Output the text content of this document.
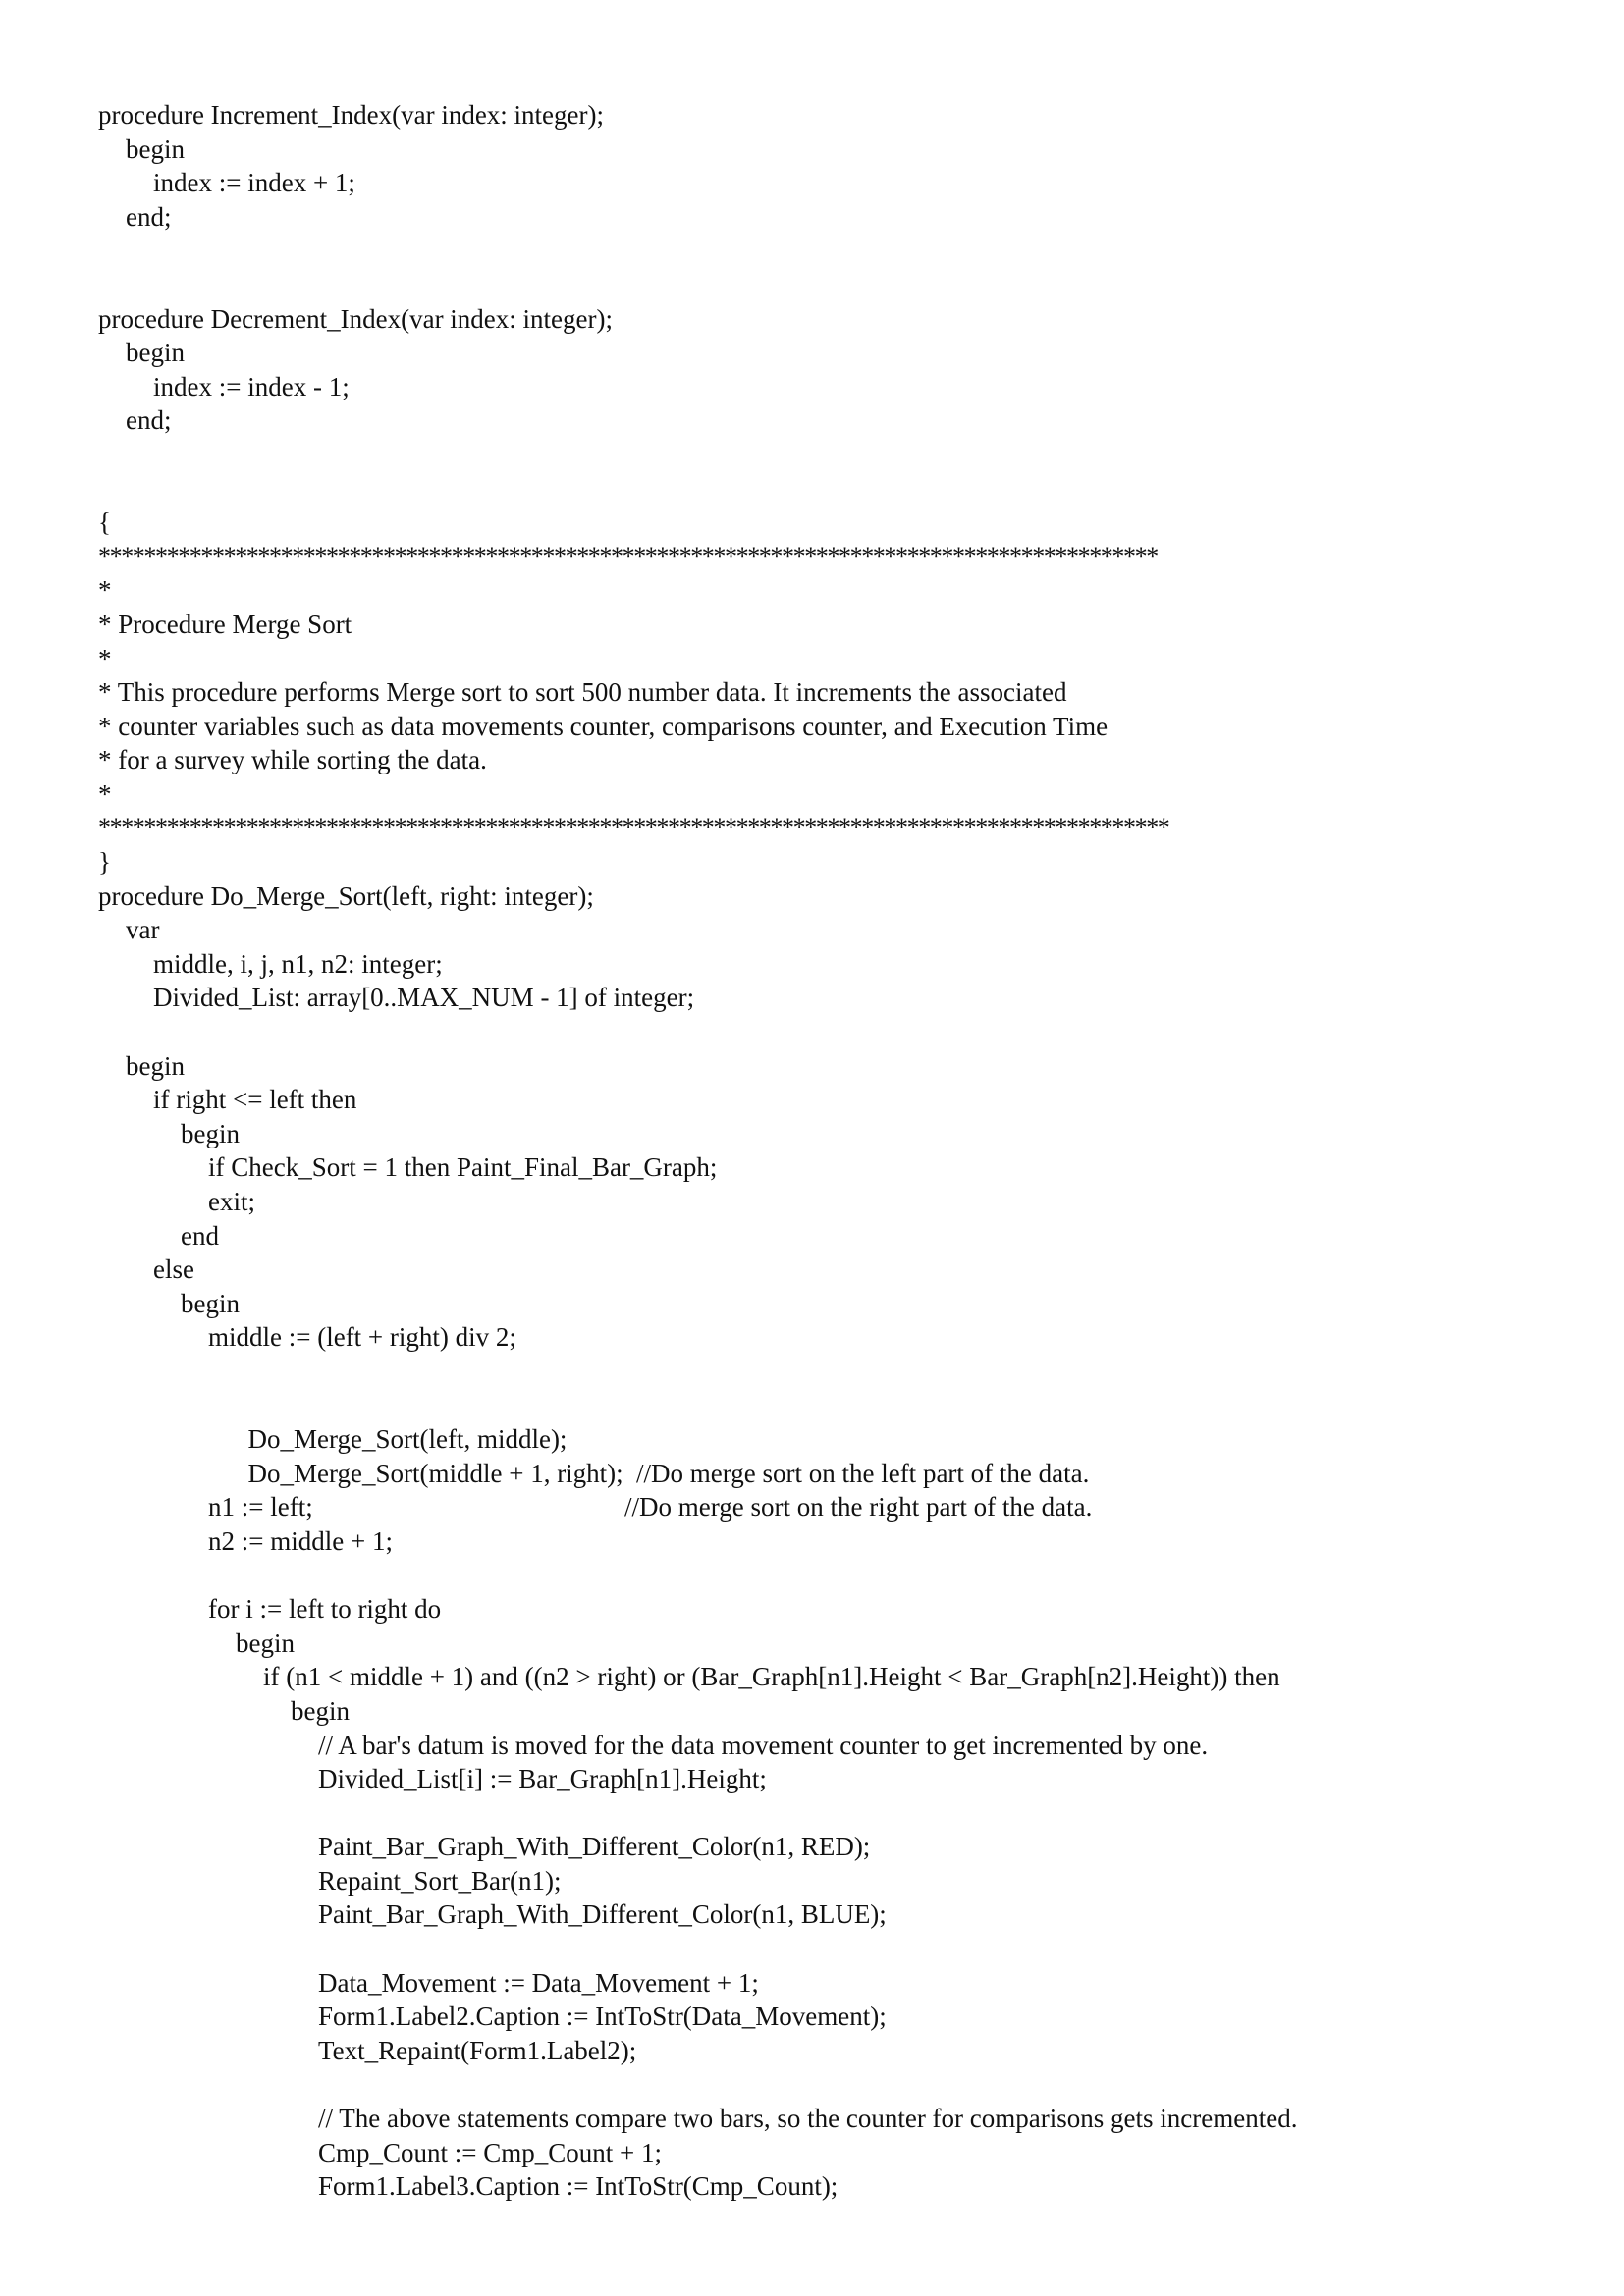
procedure Increment_Index(var index: integer);
begin
index := index + 1;
end;
procedure Decrement_Index(var index: integer);
begin
index := index - 1;
end;
{
*********************************************************************************************
*
* Procedure Merge Sort
*
* This procedure performs Merge sort to sort 500 number data. It increments the associated
* counter variables such as data movements counter, comparisons counter, and Execution Time
* for a survey while sorting the data.
*
**********************************************************************************************
}
procedure Do_Merge_Sort(left, right: integer);
var
middle, i, j, n1, n2: integer;
Divided_List: array[0..MAX_NUM - 1] of integer;
begin
if right <= left then
begin
if Check_Sort = 1 then Paint_Final_Bar_Graph;
exit;
end
else
begin
middle := (left + right) div 2;

Do_Merge_Sort(left, middle);

//Do merge sort on the left part of the data.

Do_Merge_Sort(middle + 1, right);

//Do merge sort on the right part of the data.

n1 := left;
n2 := middle + 1;
for i := left to right do
begin
if (n1 < middle + 1) and ((n2 > right) or (Bar_Graph[n1].Height < Bar_Graph[n2].Height)) then
begin
// A bar's datum is moved for the data movement counter to get incremented by one.
Divided_List[i] := Bar_Graph[n1].Height;
Paint_Bar_Graph_With_Different_Color(n1, RED);
Repaint_Sort_Bar(n1);
Paint_Bar_Graph_With_Different_Color(n1, BLUE);
Data_Movement := Data_Movement + 1;
Form1.Label2.Caption := IntToStr(Data_Movement);
Text_Repaint(Form1.Label2);
// The above statements compare two bars, so the counter for comparisons gets incremented.
Cmp_Count := Cmp_Count + 1;
Form1.Label3.Caption := IntToStr(Cmp_Count);
